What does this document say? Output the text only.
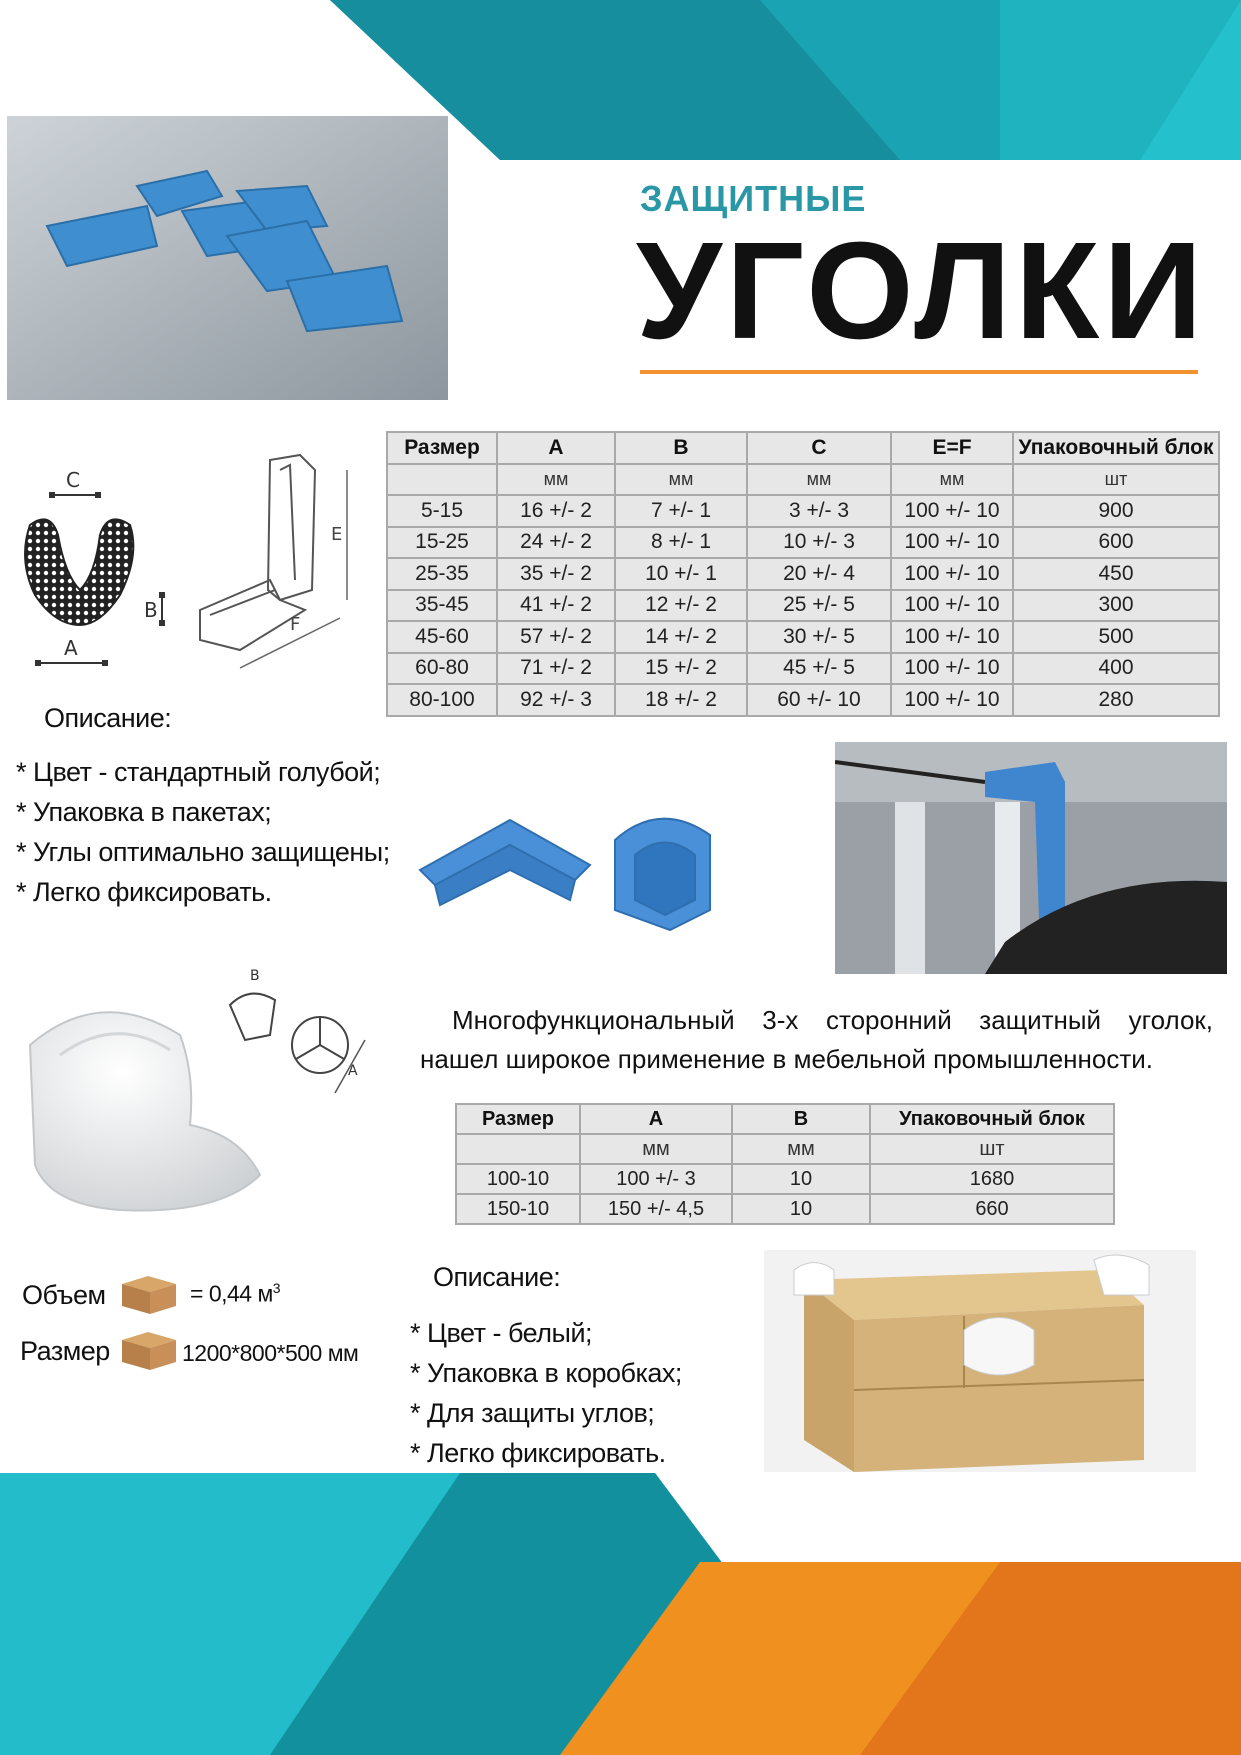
ЗАЩИТНЫЕ
УГОЛКИ
C
B
A
E
F
Размер	A	B	C	E=F	Упаковочный блок
	мм	мм	мм	мм	шт
5-15	16 +/- 2	7 +/- 1	3 +/- 3	100 +/- 10	900
15-25	24 +/- 2	8 +/- 1	10 +/- 3	100 +/- 10	600
25-35	35 +/- 2	10 +/- 1	20 +/- 4	100 +/- 10	450
35-45	41 +/- 2	12 +/- 2	25 +/- 5	100 +/- 10	300
45-60	57 +/- 2	14 +/- 2	30 +/- 5	100 +/- 10	500
60-80	71 +/- 2	15 +/- 2	45 +/- 5	100 +/- 10	400
80-100	92 +/- 3	18 +/- 2	60 +/- 10	100 +/- 10	280
Описание:
* Цвет - стандартный голубой;
* Упаковка в пакетах;
* Углы оптимально защищены;
* Легко фиксировать.
B
A
Многофункциональный 3-х сторонний защитный уголок,
нашел широкое применение в мебельной промышленности.
Размер	A	B	Упаковочный блок
	мм	мм	шт
100-10	100 +/- 3	10	1680
150-10	150 +/- 4,5	10	660
Объем	= 0,44 $м^3$
Размер	1200*800*500 мм
Описание:
* Цвет - белый;
* Упаковка в коробках;
* Для защиты углов;
* Легко фиксировать.
